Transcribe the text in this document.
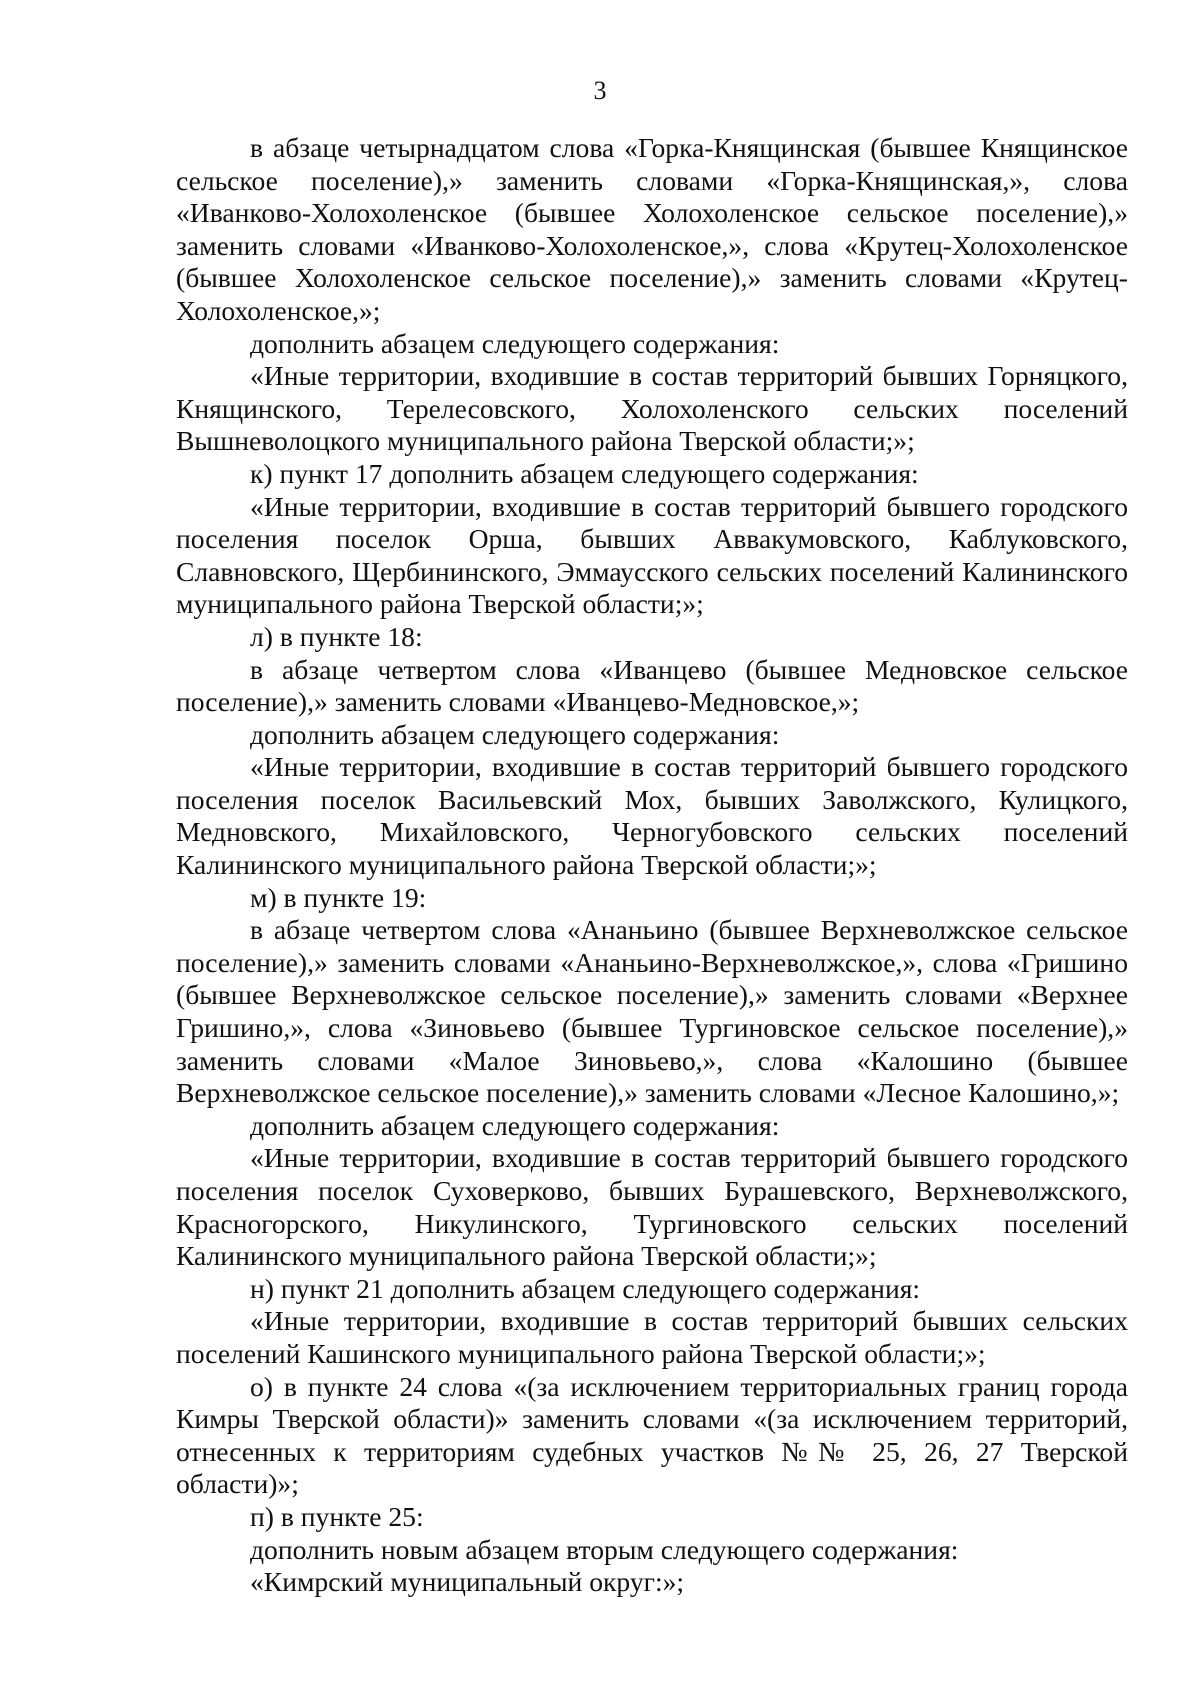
3

в абзаце четырнадцатом слова «Горка-Княщинская (бывшее Княщинское сельское поселение),» заменить словами «Горка-Княщинская,», слова «Иванково-Холохоленское (бывшее Холохоленское сельское поселение),» заменить словами «Иванково-Холохоленское,», слова «Крутец-Холохоленское (бывшее Холохоленское сельское поселение),» заменить словами «Крутец-Холохоленское,»;

дополнить абзацем следующего содержания:

«Иные территории, входившие в состав территорий бывших Горняцкого, Княщинского, Терелесовского, Холохоленского сельских поселений Вышневолоцкого муниципального района Тверской области;»;

к) пункт 17 дополнить абзацем следующего содержания:

«Иные территории, входившие в состав территорий бывшего городского поселения поселок Орша, бывших Аввакумовского, Каблуковского, Славновского, Щербининского, Эммаусского сельских поселений Калининского муниципального района Тверской области;»;

л) в пункте 18:

в абзаце четвертом слова «Иванцево (бывшее Медновское сельское поселение),» заменить словами «Иванцево-Медновское,»;

дополнить абзацем следующего содержания:

«Иные территории, входившие в состав территорий бывшего городского поселения поселок Васильевский Мох, бывших Заволжского, Кулицкого, Медновского, Михайловского, Черногубовского сельских поселений Калининского муниципального района Тверской области;»;

м) в пункте 19:

в абзаце четвертом слова «Ананьино (бывшее Верхневолжское сельское поселение),» заменить словами «Ананьино-Верхневолжское,», слова «Гришино (бывшее Верхневолжское сельское поселение),» заменить словами «Верхнее Гришино,», слова «Зиновьево (бывшее Тургиновское сельское поселение),» заменить словами «Малое Зиновьево,», слова «Калошино (бывшее Верхневолжское сельское поселение),» заменить словами «Лесное Калошино,»;

дополнить абзацем следующего содержания:

«Иные территории, входившие в состав территорий бывшего городского поселения поселок Суховерково, бывших Бурашевского, Верхневолжского, Красногорского, Никулинского, Тургиновского сельских поселений Калининского муниципального района Тверской области;»;

н) пункт 21 дополнить абзацем следующего содержания:

«Иные территории, входившие в состав территорий бывших сельских поселений Кашинского муниципального района Тверской области;»;

о) в пункте 24 слова «(за исключением территориальных границ города Кимры Тверской области)» заменить словами «(за исключением территорий, отнесенных к территориям судебных участков №№ 25, 26, 27 Тверской области)»;

п) в пункте 25:

дополнить новым абзацем вторым следующего содержания:

«Кимрский муниципальный округ:»;
